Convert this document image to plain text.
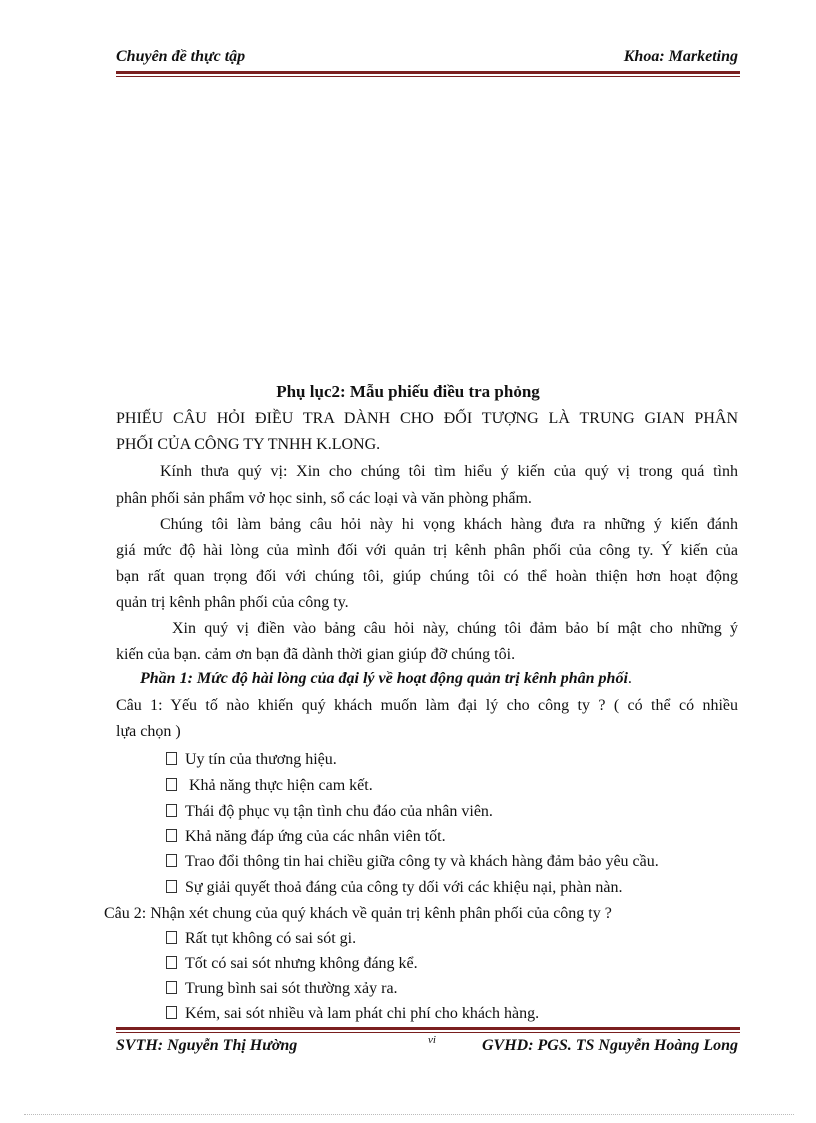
Chuyên đề thực tập	Khoa: Marketing
Phụ lục2: Mẫu phiếu điều tra phỏng
PHIẾU CÂU HỎI ĐIỀU TRA DÀNH CHO ĐỐI TƯỢNG LÀ TRUNG GIAN PHÂN
PHỐI CỦA CÔNG TY TNHH K.LONG.
Kính thưa quý vị: Xin cho chúng tôi tìm hiểu ý kiến của quý vị trong quá tình
phân phối sản phẩm vở học sinh, sổ các loại và văn phòng phẩm.
Chúng tôi làm bảng câu hỏi này hi vọng khách hàng đưa ra những ý kiến đánh
giá mức độ hài lòng của mình đối với quản trị kênh phân phối của công ty. Ý kiến của
bạn rất quan trọng đối với chúng tôi, giúp chúng tôi có thể hoàn thiện hơn hoạt động
quản trị kênh phân phối của công ty.
Xin quý vị điền vào bảng câu hỏi này, chúng tôi đảm bảo bí mật cho những ý
kiến của bạn. cảm ơn bạn đã dành thời gian giúp đỡ chúng tôi.
Phần 1: Mức độ hài lòng của đại lý về hoạt động quản trị kênh phân phối.
Câu 1: Yếu tố nào khiến quý khách muốn làm đại lý cho công ty ? ( có thể có nhiều
lựa chọn )
Uy tín của thương hiệu.
Khả năng thực hiện cam kết.
Thái độ phục vụ tận tình chu đáo của nhân viên.
Khả năng đáp ứng của các nhân viên tốt.
Trao đổi thông tin hai chiều giữa công ty và khách hàng đảm bảo yêu cầu.
Sự giải quyết thoả đáng của công ty dối với các khiệu nại, phàn nàn.
Câu 2: Nhận xét chung của quý khách về quản trị kênh phân phối của công ty ?
Rất tụt không có sai sót gi.
Tốt có sai sót nhưng không đáng kể.
Trung bình sai sót thường xảy ra.
Kém, sai sót nhiều và lam phát chi phí cho khách hàng.
SVTH: Nguyễn Thị Hường	GVHD: PGS. TS Nguyễn Hoàng Long
vi
